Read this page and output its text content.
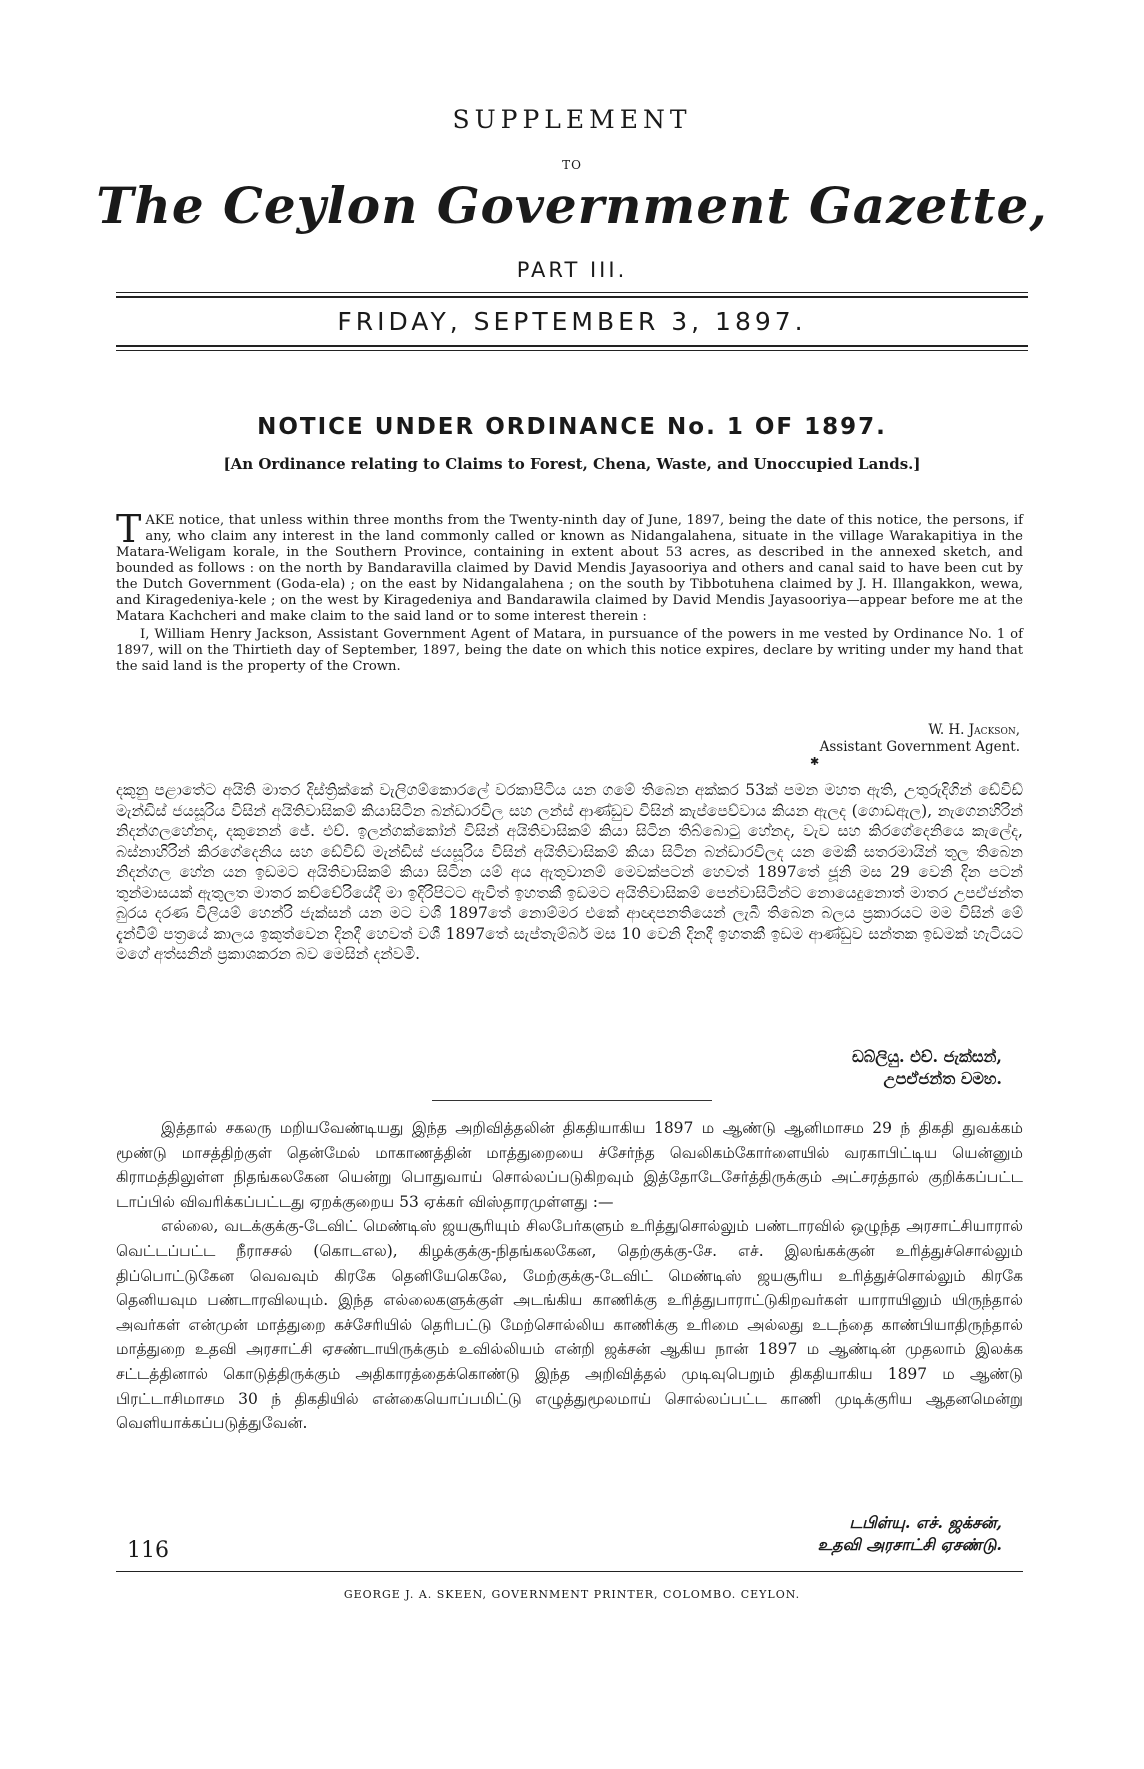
SUPPLEMENT
TO
The Ceylon Government Gazette,
PART III.
FRIDAY, SEPTEMBER 3, 1897.
NOTICE UNDER ORDINANCE No. 1 OF 1897.
[An Ordinance relating to Claims to Forest, Chena, Waste, and Unoccupied Lands.]

TAKE notice, that unless within three months from the Twenty-ninth day of June, 1897, being the date of this notice, the persons, if any, who claim any interest in the land commonly called or known as Nidangalahena, situate in the village Warakapitiya in the Matara-Weligam korale, in the Southern Province, containing in extent about 53 acres, as described in the annexed sketch, and bounded as follows : on the north by Bandaravilla claimed by David Mendis Jayasooriya and others and canal said to have been cut by the Dutch Government (Goda-ela) ; on the east by Nidangalahena ; on the south by Tibbotuhena claimed by J. H. Illangakkon, wewa, and Kiragedeniya-kele ; on the west by Kiragedeniya and Bandarawila claimed by David Mendis Jayasooriya—appear before me at the Matara Kachcheri and make claim to the said land or to some interest therein :

I, William Henry Jackson, Assistant Government Agent of Matara, in pursuance of the powers in me vested by Ordinance No. 1 of 1897, will on the Thirtieth day of September, 1897, being the date on which this notice expires, declare by writing under my hand that the said land is the property of the Crown.

W. H. Jackson,
Assistant Government Agent.
✱
දකුනු පළාතේට අයිති මාතර දිස්ත්‍රික්කේ වැලිගම්කොරලේ වරකාපිටිය යන ගමේ තිබෙන අක්කර 53ක් පමන මහත ඇති, උතුරුදිගින් ඩේවිඩ් මැන්ඩිස් ජයසූරිය විසින් අයිතිවාසිකම් කියාසිටින බන්ඩාරවිල සහ ලන්ස් ආණ්ඩුව විසින් කැප්පෙව්වාය කියන ඇලද (ගොඩඇල), නැගෙනහිරින් නිදන්ගලහේනද, දකුනෙන් ජේ. එච්. ඉලන්ගක්කෝන් විසින් අයිතිවාසිකම් කියා සිටින තිබ්බොටු හේනද, වැව සහ කිරගේදෙනියෙ කැලේද, බස්නාහිරින් කිරගේදෙනිය සහ ඩේවිඩ් මැන්ඩිස් ජයසූරිය විසින් අයිතිවාසිකම් කියා සිටින බන්ඩාරවිලද යන මෙකී සතරමායින් තුල තිබෙන නිදන්ගල හේන යන ඉඩමට අයිතිවාසිකම් කියා සිටින යම් අය ඇතුවානම් මෙවක්පටන් හෙවත් 1897තේ ජූනි මස 29 වෙනි දින පටන් තුන්මාසයක් ඇතුලත මාතර කච්චේරියේදී මා ඉදිරිපිටට ඇවිත් ඉහතකී ඉඩමට අයිතිවාසිකම් පෙන්වාසිටින්ට නොයෙදුනොත් මාතර උපඒජන්ත බුරය දරණ විලියම් හෙන්රි ජැක්සන් යන මට වශී 1897තේ නොම්මර එකේ ආඥපනතියෙන් ලැබී තිබෙන බලය ප්‍රකාරයට මම විසින් මේ දැන්වීම් පත්‍රයේ කාලය ඉකුත්වෙන දිනදී හෙවත් වශී 1897තේ සැප්තැම්බර් මස 10 වෙනි දිනදී ඉහතකී ඉඩම ආණ්ඩුව සන්තක ඉඩමක් හැටියට මගේ අත්සනින් ප්‍රකාශකරන බව මෙසින් දන්වමි.
ඩබ්ලියු. එච්. ජැක්සන්,
උපඒජන්ත වමහ.

இத்தால் சகலரு மறியவேண்டியது இந்த அறிவித்தலின் திகதியாகிய 1897 ம ஆண்டு ஆனிமாசம 29 ந் திகதி துவக்கம் மூண்டு மாசத்திற்குள் தென்மேல் மாகாணத்தின் மாத்துறையை ச்சேர்ந்த வெலிகம்கோர்ளையில் வரகாபிட்டிய யென்னும் கிராமத்திலுள்ள நிதங்கலகேன யென்று பொதுவாய் சொல்லப்படுகிறவும் இத்தோடேசேர்த்திருக்கும் அட்சரத்தால் குறிக்கப்பட்ட டாப்பில் விவரிக்கப்பட்டது ஏறக்குறைய 53 ஏக்கர் விஸ்தாரமுள்ளது :—

எல்லை, வடக்குக்கு-டேவிட் மெண்டிஸ் ஜயசூரியும் சிலபேர்களும் உரித்துசொல்லும் பண்டாரவில் ஒழுந்த அரசாட்சியாரால் வெட்டப்பட்ட நீராசசல் (கொடஎல), கிழக்குக்கு-நிதங்கலகேன, தெற்குக்கு-சே. எச். இலங்கக்குன் உரித்துச்சொல்லும் திப்பொட்டுகேன வெவவும் கிரகே தெனியேகெலே, மேற்குக்கு-டேவிட் மெண்டிஸ் ஜயசூரிய உரித்துச்சொல்லும் கிரகே தெனியவும பண்டாரவிலயும். இந்த எல்லைகளுக்குள் அடங்கிய காணிக்கு உரித்துபாராட்டுகிறவர்கள் யாராயினும் யிருந்தால் அவர்கள் என்முன் மாத்துறை கச்சேரியில் தெரிபட்டு மேற்சொல்லிய காணிக்கு உரிமை அல்லது உடந்தை காண்பியாதிருந்தால் மாத்துறை உதவி அரசாட்சி ஏசண்டாயிருக்கும் உவில்லியம் என்றி ஜக்சன் ஆகிய நான் 1897 ம ஆண்டின் முதலாம் இலக்க சட்டத்தினால் கொடுத்திருக்கும் அதிகாரத்தைக்கொண்டு இந்த அறிவித்தல் முடிவுபெறும் திகதியாகிய 1897 ம ஆண்டு பிரட்டாசிமாசம 30 ந் திகதியில் என்கையொப்பமிட்டு எழுத்துமூலமாய் சொல்லப்பட்ட காணி முடிக்குரிய ஆதனமென்று வெளியாக்கப்படுத்துவேன்.

டபிள்யு. எச். ஜக்சன்,
உதவி அரசாட்சி ஏசண்டு.
116
GEORGE J. A. SKEEN, GOVERNMENT PRINTER, COLOMBO. CEYLON.
